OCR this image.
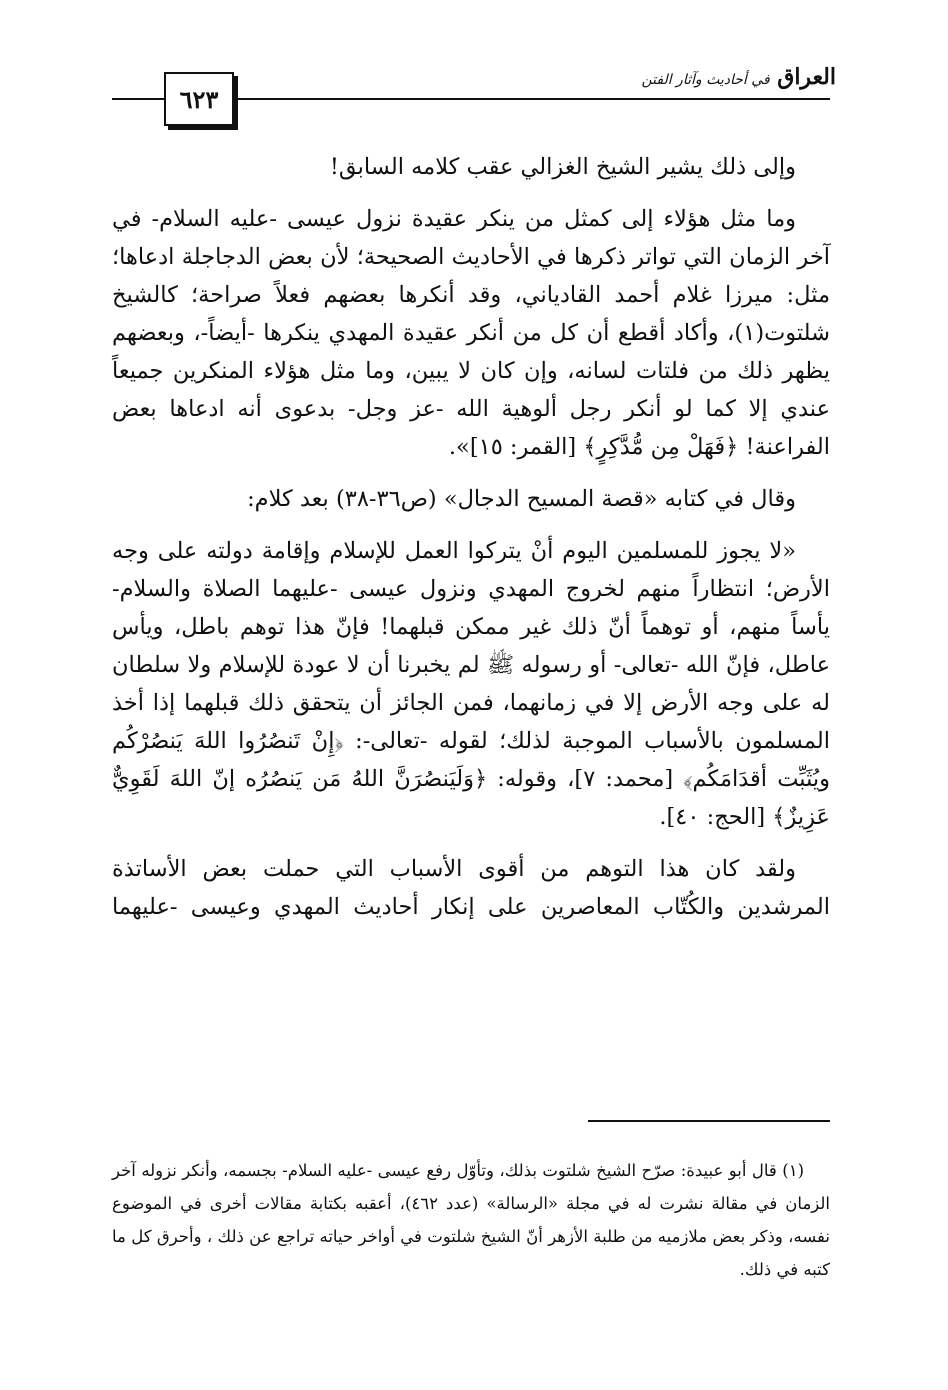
٦٢٣
العراق في أحاديث وآثار الفتن

وإلى ذلك يشير الشيخ الغزالي عقب كلامه السابق!

وما مثل هؤلاء إلى كمثل من ينكر عقيدة نزول عيسى -عليه السلام- في آخر الزمان التي تواتر ذكرها في الأحاديث الصحيحة؛ لأن بعض الدجاجلة ادعاها؛ مثل: ميرزا غلام أحمد القادياني، وقد أنكرها بعضهم فعلاً صراحة؛ كالشيخ شلتوت(١)، وأكاد أقطع أن كل من أنكر عقيدة المهدي ينكرها -أيضاً-، وبعضهم يظهر ذلك من فلتات لسانه، وإن كان لا يبين، وما مثل هؤلاء المنكرين جميعاً عندي إلا كما لو أنكر رجل ألوهية الله -عز وجل- بدعوى أنه ادعاها بعض الفراعنة! ﴿فَهَلْ مِن مُّدَّكِرٍ﴾ [القمر: ١٥]».

وقال في كتابه «قصة المسيح الدجال» (ص٣٦-٣٨) بعد كلام:

«لا يجوز للمسلمين اليوم أنْ يتركوا العمل للإسلام وإقامة دولته على وجه الأرض؛ انتظاراً منهم لخروج المهدي ونزول عيسى -عليهما الصلاة والسلام- يأساً منهم، أو توهماً أنّ ذلك غير ممكن قبلهما! فإنّ هذا توهم باطل، ويأس عاطل، فإنّ الله -تعالى- أو رسوله ﷺ لم يخبرنا أن لا عودة للإسلام ولا سلطان له على وجه الأرض إلا في زمانهما، فمن الجائز أن يتحقق ذلك قبلهما إذا أخذ المسلمون بالأسباب الموجبة لذلك؛ لقوله -تعالى-: ﴿إِنْ تَنصُرُوا اللهَ يَنصُرْكُم ويُثَبِّت أقدَامَكُم﴾ [محمد: ٧]، وقوله: ﴿وَلَيَنصُرَنَّ اللهُ مَن يَنصُرُه إنّ اللهَ لَقَوِيٌّ عَزِيزٌ﴾ [الحج: ٤٠].

ولقد كان هذا التوهم من أقوى الأسباب التي حملت بعض الأساتذة المرشدين والكُتّاب المعاصرين على إنكار أحاديث المهدي وعيسى -عليهما

(١) قال أبو عبيدة: صرّح الشيخ شلتوت بذلك، وتأوّل رفع عيسى -عليه السلام- بجسمه، وأنكر نزوله آخر الزمان في مقالة نشرت له في مجلة «الرسالة» (عدد ٤٦٢)، أعقبه بكتابة مقالات أخرى في الموضوع نفسه، وذكر بعض ملازميه من طلبة الأزهر أنّ الشيخ شلتوت في أواخر حياته تراجع عن ذلك ، وأحرق كل ما كتبه في ذلك.
